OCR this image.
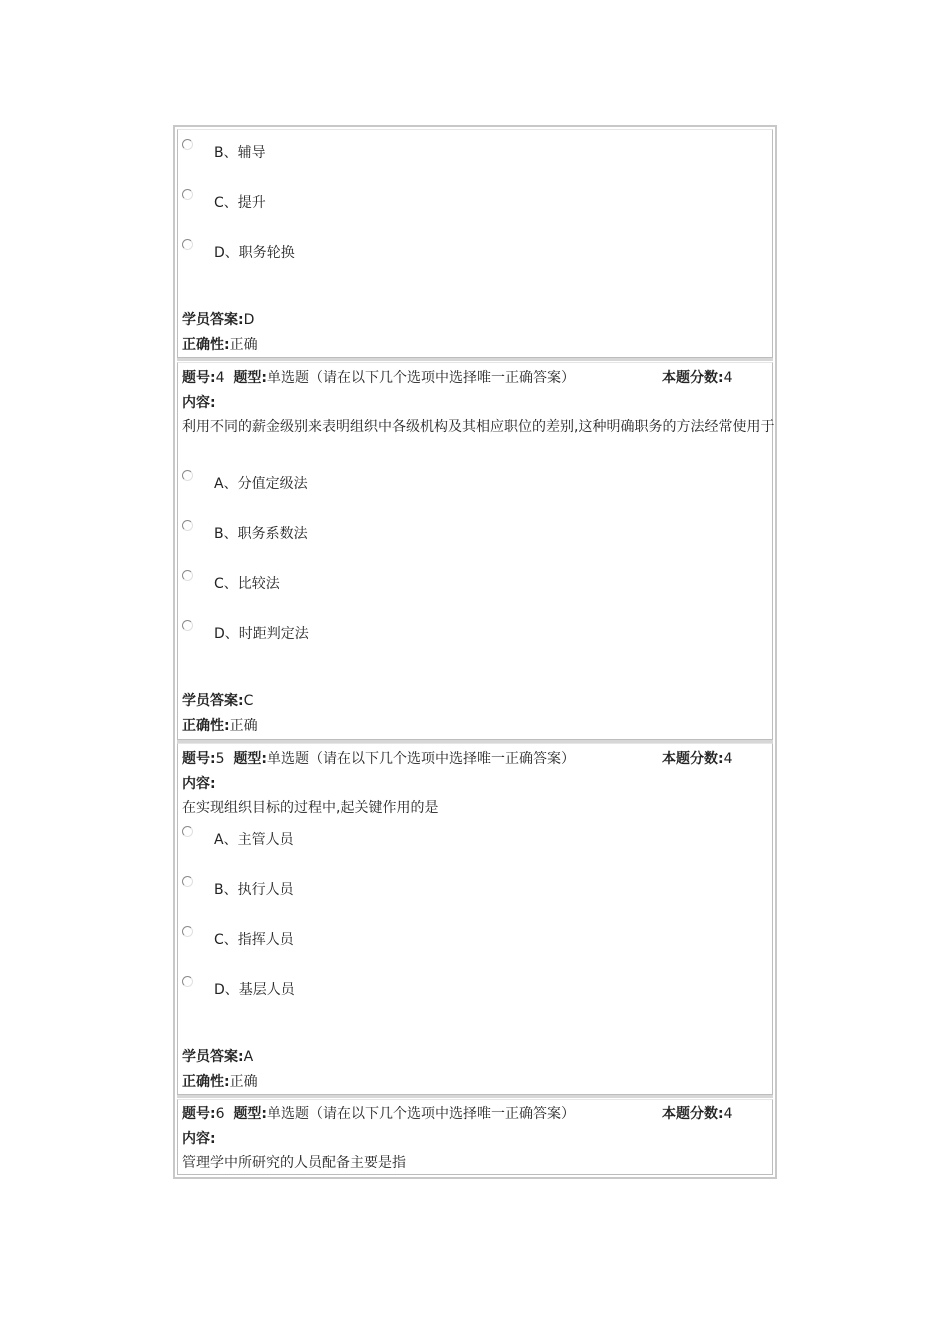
B、辅导
C、提升
D、职务轮换
学员答案:D
正确性:正确
题号:4 题型:单选题（请在以下几个选项中选择唯一正确答案）	本题分数:4
内容:
利用不同的薪金级别来表明组织中各级机构及其相应职位的差别,这种明确职务的方法经常使用于
A、分值定级法
B、职务系数法
C、比较法
D、时距判定法
学员答案:C
正确性:正确
题号:5 题型:单选题（请在以下几个选项中选择唯一正确答案）	本题分数:4
内容:
在实现组织目标的过程中,起关键作用的是
A、主管人员
B、执行人员
C、指挥人员
D、基层人员
学员答案:A
正确性:正确
题号:6 题型:单选题（请在以下几个选项中选择唯一正确答案）	本题分数:4
内容:
管理学中所研究的人员配备主要是指
